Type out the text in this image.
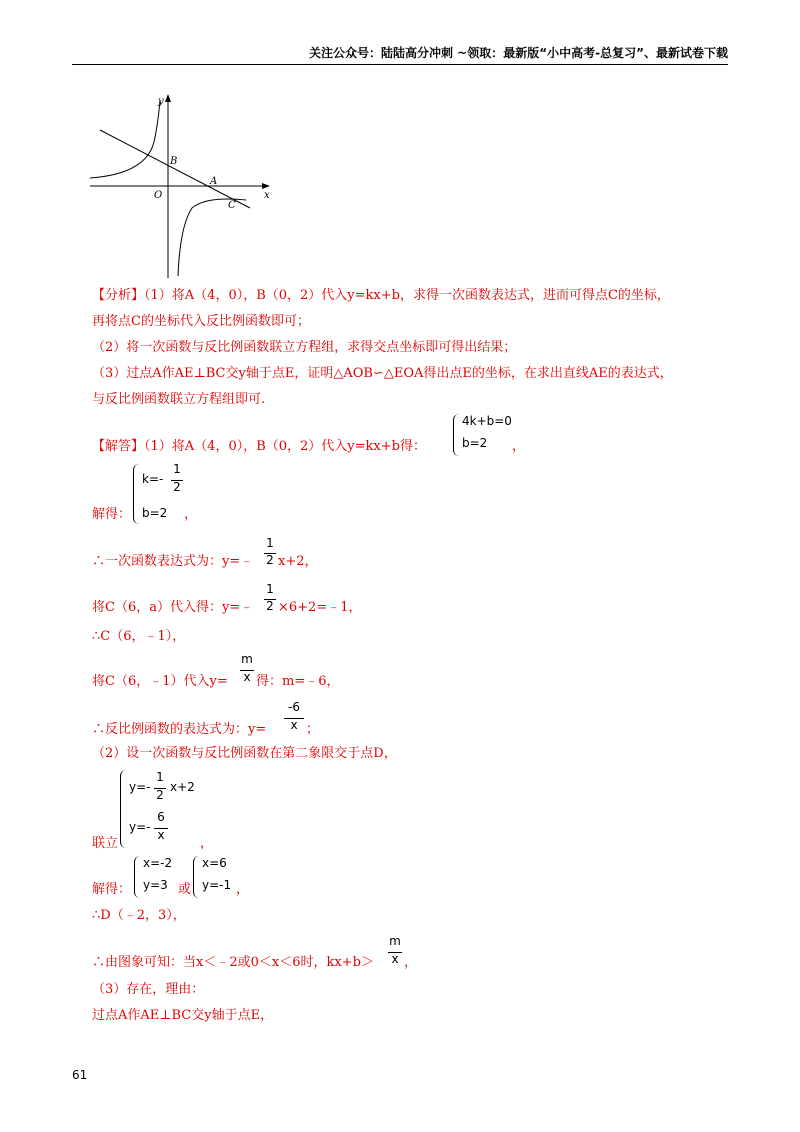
关注公众号：陆陆高分冲刺 ~领取：最新版“小中高考-总复习”、最新试卷下载
y
x
O
B
A
C
【分析】（1）将A（4，0），B（0，2）代入y=kx+b，求得一次函数表达式，进而可得点C的坐标，
再将点C的坐标代入反比例函数即可；
（2）将一次函数与反比例函数联立方程组，求得交点坐标即可得出结果；
（3）过点A作AE⊥BC交y轴于点E，证明△AOB∽△EOA得出点E的坐标，在求出直线AE的表达式，
与反比例函数联立方程组即可.
【解答】（1）将A（4，0），B（0，2）代入y=kx+b得：
4k+b=0
b=2 ，
解得：
k=-
1
2
b=2 ，
∴一次函数表达式为：y=﹣
1
2 x+2，
将C（6，a）代入得：y=﹣
1
2 ×6+2=﹣1，
∴C（6，﹣1），
将C（6，﹣1）代入y=
m
x 得：m=﹣6，
∴反比例函数的表达式为：y=
-6
x ；
（2）设一次函数与反比例函数在第二象限交于点D，
联立
y=-
1
2
x+2
y=-
6
x
，
解得：
x=-2
y=3 或
x=6
y=-1 ，
∴D（﹣2，3），
∴由图象可知：当x＜﹣2或0＜x＜6时，kx+b＞
m
x ，
（3）存在，理由：
过点A作AE⊥BC交y轴于点E，
61
